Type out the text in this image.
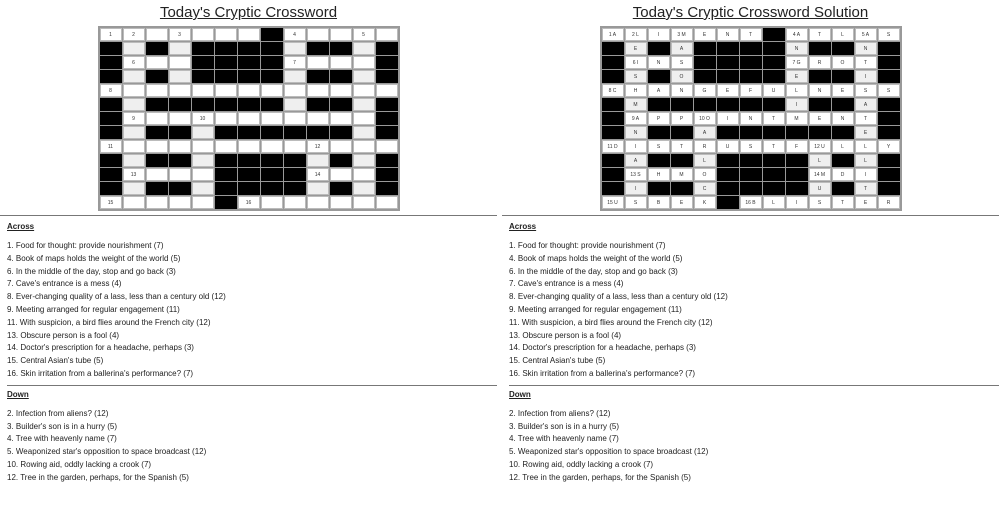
Today's Cryptic Crossword
1	2		3					4			5	

	6							7				

8												

	9			10								

11									12			

	13								14			

15						16						
Across
1. Food for thought: provide nourishment (7)
4. Book of maps holds the weight of the world (5)
6. In the middle of the day, stop and go back (3)
7. Cave's entrance is a mess (4)
8. Ever-changing quality of a lass, less than a century old (12)
9. Meeting arranged for regular engagement (11)
11. With suspicion, a bird flies around the French city (12)
13. Obscure person is a fool (4)
14. Doctor's prescription for a headache, perhaps (3)
15. Central Asian's tube (5)
16. Skin irritation from a ballerina's performance? (7)
Down
2. Infection from aliens? (12)
3. Builder's son is in a hurry (5)
4. Tree with heavenly name (7)
5. Weaponized star's opposition to space broadcast (12)
10. Rowing aid, oddly lacking a crook (7)
12. Tree in the garden, perhaps, for the Spanish (5)
Today's Cryptic Crossword Solution
1 A	2 L	I	3 M	E	N	T		4 A	T	L	5 A	S
	E		A					N			N	
	6 I	N	S					7 G	R	O	T	
	S		O					E			I	
8 C	H	A	N	G	E	F	U	L	N	E	S	S
	M							I			A	
	9 A	P	P	10 O	I	N	T	M	E	N	T	
	N			A							E	
11 D	I	S	T	R	U	S	T	F	12 U	L	L	Y
	A			L					L		L	
	13 S	H	M	O					14 M	D	I	
	I			C					U		T	
15 U	S	B	E	K		16 B	L	I	S	T	E	R
Across
1. Food for thought: provide nourishment (7)
4. Book of maps holds the weight of the world (5)
6. In the middle of the day, stop and go back (3)
7. Cave's entrance is a mess (4)
8. Ever-changing quality of a lass, less than a century old (12)
9. Meeting arranged for regular engagement (11)
11. With suspicion, a bird flies around the French city (12)
13. Obscure person is a fool (4)
14. Doctor's prescription for a headache, perhaps (3)
15. Central Asian's tube (5)
16. Skin irritation from a ballerina's performance? (7)
Down
2. Infection from aliens? (12)
3. Builder's son is in a hurry (5)
4. Tree with heavenly name (7)
5. Weaponized star's opposition to space broadcast (12)
10. Rowing aid, oddly lacking a crook (7)
12. Tree in the garden, perhaps, for the Spanish (5)
